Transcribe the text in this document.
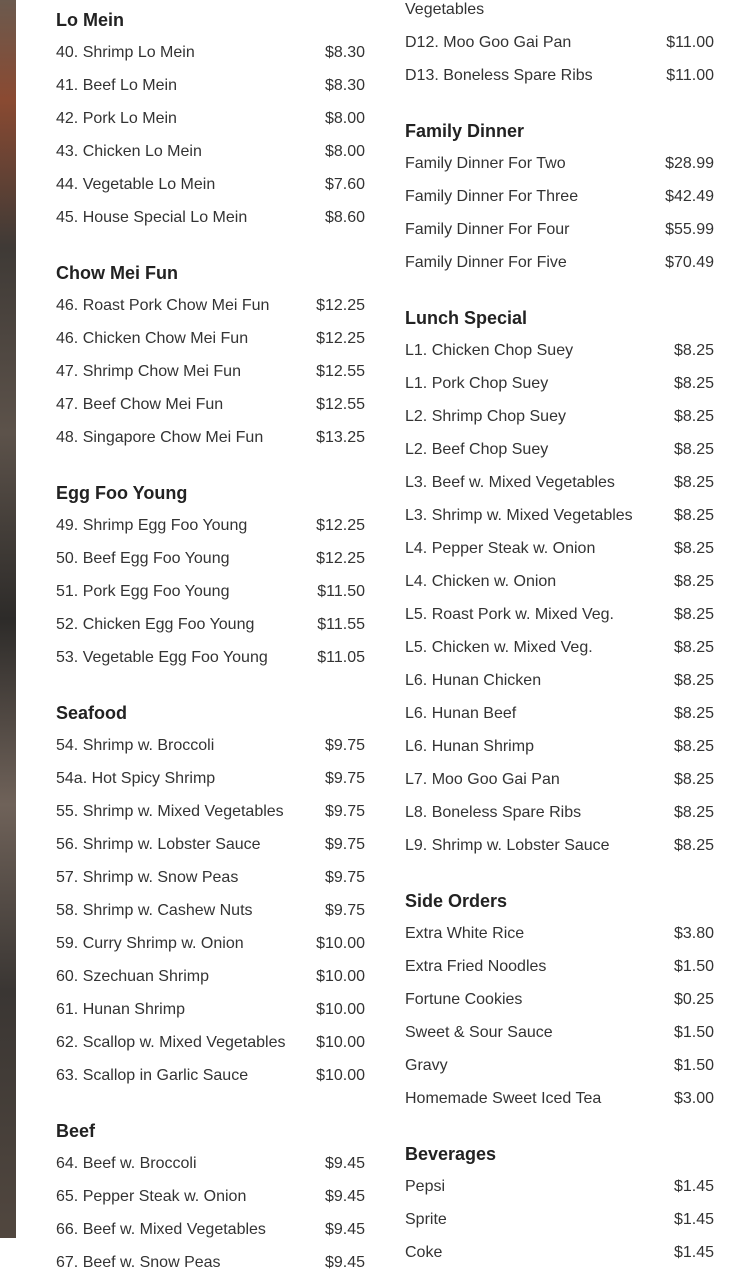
Lo Mein
40. Shrimp Lo Mein	$8.30
41. Beef Lo Mein	$8.30
42. Pork Lo Mein	$8.00
43. Chicken Lo Mein	$8.00
44. Vegetable Lo Mein	$7.60
45. House Special Lo Mein	$8.60
Chow Mei Fun
46. Roast Pork Chow Mei Fun	$12.25
46. Chicken Chow Mei Fun	$12.25
47. Shrimp Chow Mei Fun	$12.55
47. Beef Chow Mei Fun	$12.55
48. Singapore Chow Mei Fun	$13.25
Egg Foo Young
49. Shrimp Egg Foo Young	$12.25
50. Beef Egg Foo Young	$12.25
51. Pork Egg Foo Young	$11.50
52. Chicken Egg Foo Young	$11.55
53. Vegetable Egg Foo Young	$11.05
Seafood
54. Shrimp w. Broccoli	$9.75
54a. Hot Spicy Shrimp	$9.75
55. Shrimp w. Mixed Vegetables	$9.75
56. Shrimp w. Lobster Sauce	$9.75
57. Shrimp w. Snow Peas	$9.75
58. Shrimp w. Cashew Nuts	$9.75
59. Curry Shrimp w. Onion	$10.00
60. Szechuan Shrimp	$10.00
61. Hunan Shrimp	$10.00
62. Scallop w. Mixed Vegetables $10.00
63. Scallop in Garlic Sauce	$10.00
Beef
64. Beef w. Broccoli	$9.45
65. Pepper Steak w. Onion	$9.45
66. Beef w. Mixed Vegetables	$9.45
67. Beef w. Snow Peas	$9.45
Vegetables
D12. Moo Goo Gai Pan	$11.00
D13. Boneless Spare Ribs	$11.00
Family Dinner
Family Dinner For Two	$28.99
Family Dinner For Three	$42.49
Family Dinner For Four	$55.99
Family Dinner For Five	$70.49
Lunch Special
L1. Chicken Chop Suey	$8.25
L1. Pork Chop Suey	$8.25
L2. Shrimp Chop Suey	$8.25
L2. Beef Chop Suey	$8.25
L3. Beef w. Mixed Vegetables	$8.25
L3. Shrimp w. Mixed Vegetables	$8.25
L4. Pepper Steak w. Onion	$8.25
L4. Chicken w. Onion	$8.25
L5. Roast Pork w. Mixed Veg.	$8.25
L5. Chicken w. Mixed Veg.	$8.25
L6. Hunan Chicken	$8.25
L6. Hunan Beef	$8.25
L6. Hunan Shrimp	$8.25
L7. Moo Goo Gai Pan	$8.25
L8. Boneless Spare Ribs	$8.25
L9. Shrimp w. Lobster Sauce	$8.25
Side Orders
Extra White Rice	$3.80
Extra Fried Noodles	$1.50
Fortune Cookies	$0.25
Sweet & Sour Sauce	$1.50
Gravy	$1.50
Homemade Sweet Iced Tea	$3.00
Beverages
Pepsi	$1.45
Sprite	$1.45
Coke	$1.45
